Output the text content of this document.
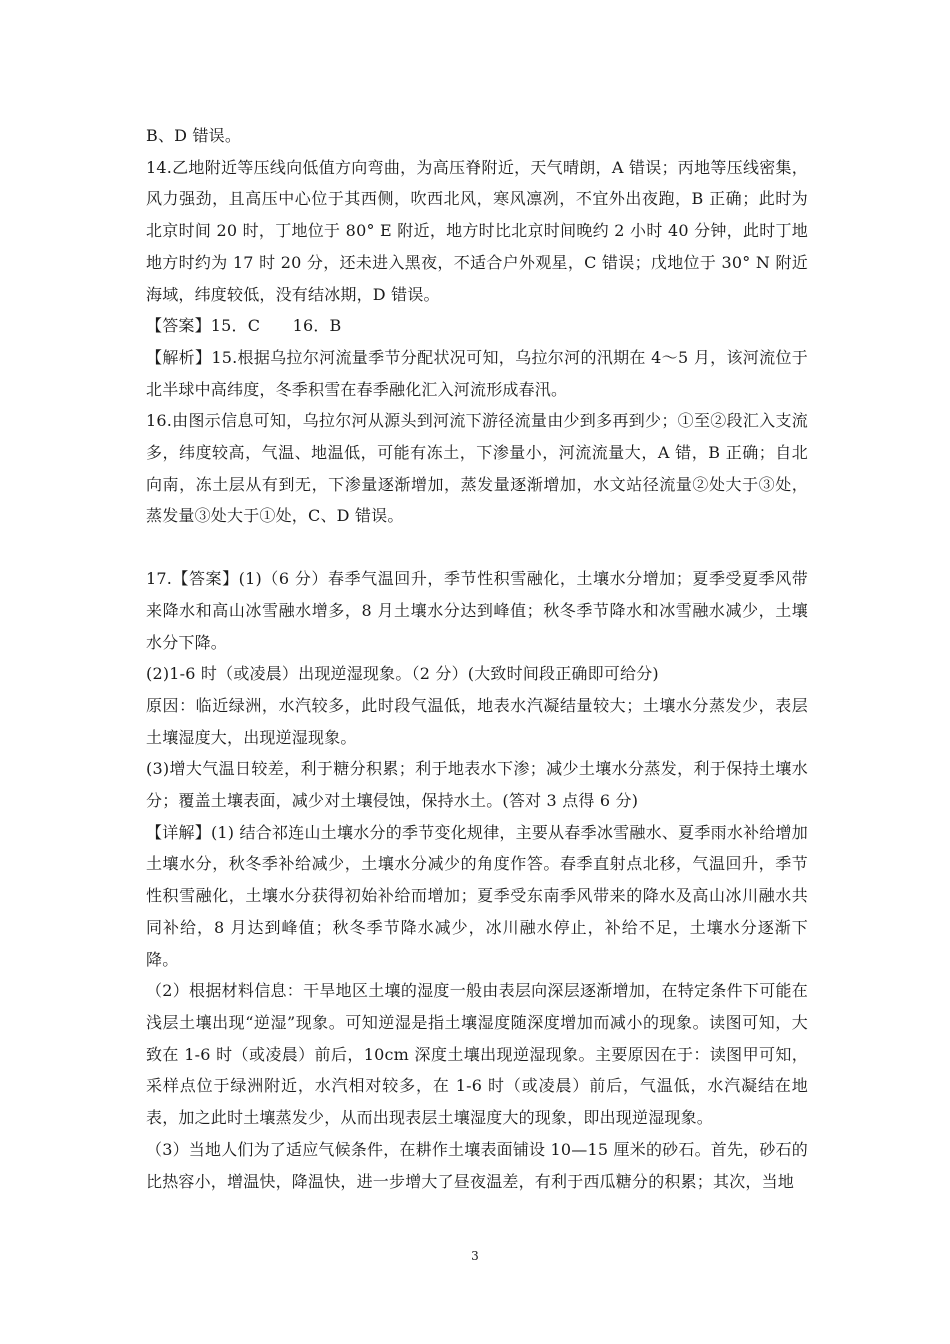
B、D 错误。

14.乙地附近等压线向低值方向弯曲，为高压脊附近，天气晴朗，A 错误；丙地等压线密集，风力强劲，且高压中心位于其西侧，吹西北风，寒风凛冽，不宜外出夜跑，B 正确；此时为北京时间 20 时，丁地位于 80° E 附近，地方时比北京时间晚约 2 小时 40 分钟，此时丁地地方时约为 17 时 20 分，还未进入黑夜，不适合户外观星，C 错误；戊地位于 30° N 附近海域，纬度较低，没有结冰期，D 错误。

【答案】15．C　　16．B

【解析】15.根据乌拉尔河流量季节分配状况可知，乌拉尔河的汛期在 4～5 月，该河流位于北半球中高纬度，冬季积雪在春季融化汇入河流形成春汛。

16.由图示信息可知，乌拉尔河从源头到河流下游径流量由少到多再到少；①至②段汇入支流多，纬度较高，气温、地温低，可能有冻土，下渗量小，河流流量大，A 错，B 正确；自北向南，冻土层从有到无，下渗量逐渐增加，蒸发量逐渐增加，水文站径流量②处大于③处，蒸发量③处大于①处，C、D 错误。

17.【答案】(1)（6 分）春季气温回升，季节性积雪融化，土壤水分增加；夏季受夏季风带来降水和高山冰雪融水增多，8 月土壤水分达到峰值；秋冬季节降水和冰雪融水减少，土壤水分下降。

(2)1-6 时（或凌晨）出现逆湿现象。（2 分）(大致时间段正确即可给分)

原因：临近绿洲，水汽较多，此时段气温低，地表水汽凝结量较大；土壤水分蒸发少，表层土壤湿度大，出现逆湿现象。

(3)增大气温日较差，利于糖分积累；利于地表水下渗；减少土壤水分蒸发，利于保持土壤水分；覆盖土壤表面，减少对土壤侵蚀，保持水土。(答对 3 点得 6 分)

【详解】(1) 结合祁连山土壤水分的季节变化规律，主要从春季冰雪融水、夏季雨水补给增加土壤水分，秋冬季补给减少，土壤水分减少的角度作答。春季直射点北移，气温回升，季节性积雪融化，土壤水分获得初始补给而增加；夏季受东南季风带来的降水及高山冰川融水共同补给，8 月达到峰值；秋冬季节降水减少，冰川融水停止，补给不足，土壤水分逐渐下降。

（2）根据材料信息：干旱地区土壤的湿度一般由表层向深层逐渐增加，在特定条件下可能在浅层土壤出现“逆湿”现象。可知逆湿是指土壤湿度随深度增加而减小的现象。读图可知，大致在 1-6 时（或凌晨）前后，10cm 深度土壤出现逆湿现象。主要原因在于：读图甲可知，采样点位于绿洲附近，水汽相对较多，在 1-6 时（或凌晨）前后，气温低，水汽凝结在地表，加之此时土壤蒸发少，从而出现表层土壤湿度大的现象，即出现逆湿现象。

（3）当地人们为了适应气候条件，在耕作土壤表面铺设 10—15 厘米的砂石。首先，砂石的比热容小，增温快，降温快，进一步增大了昼夜温差，有利于西瓜糖分的积累；其次，当地

3
